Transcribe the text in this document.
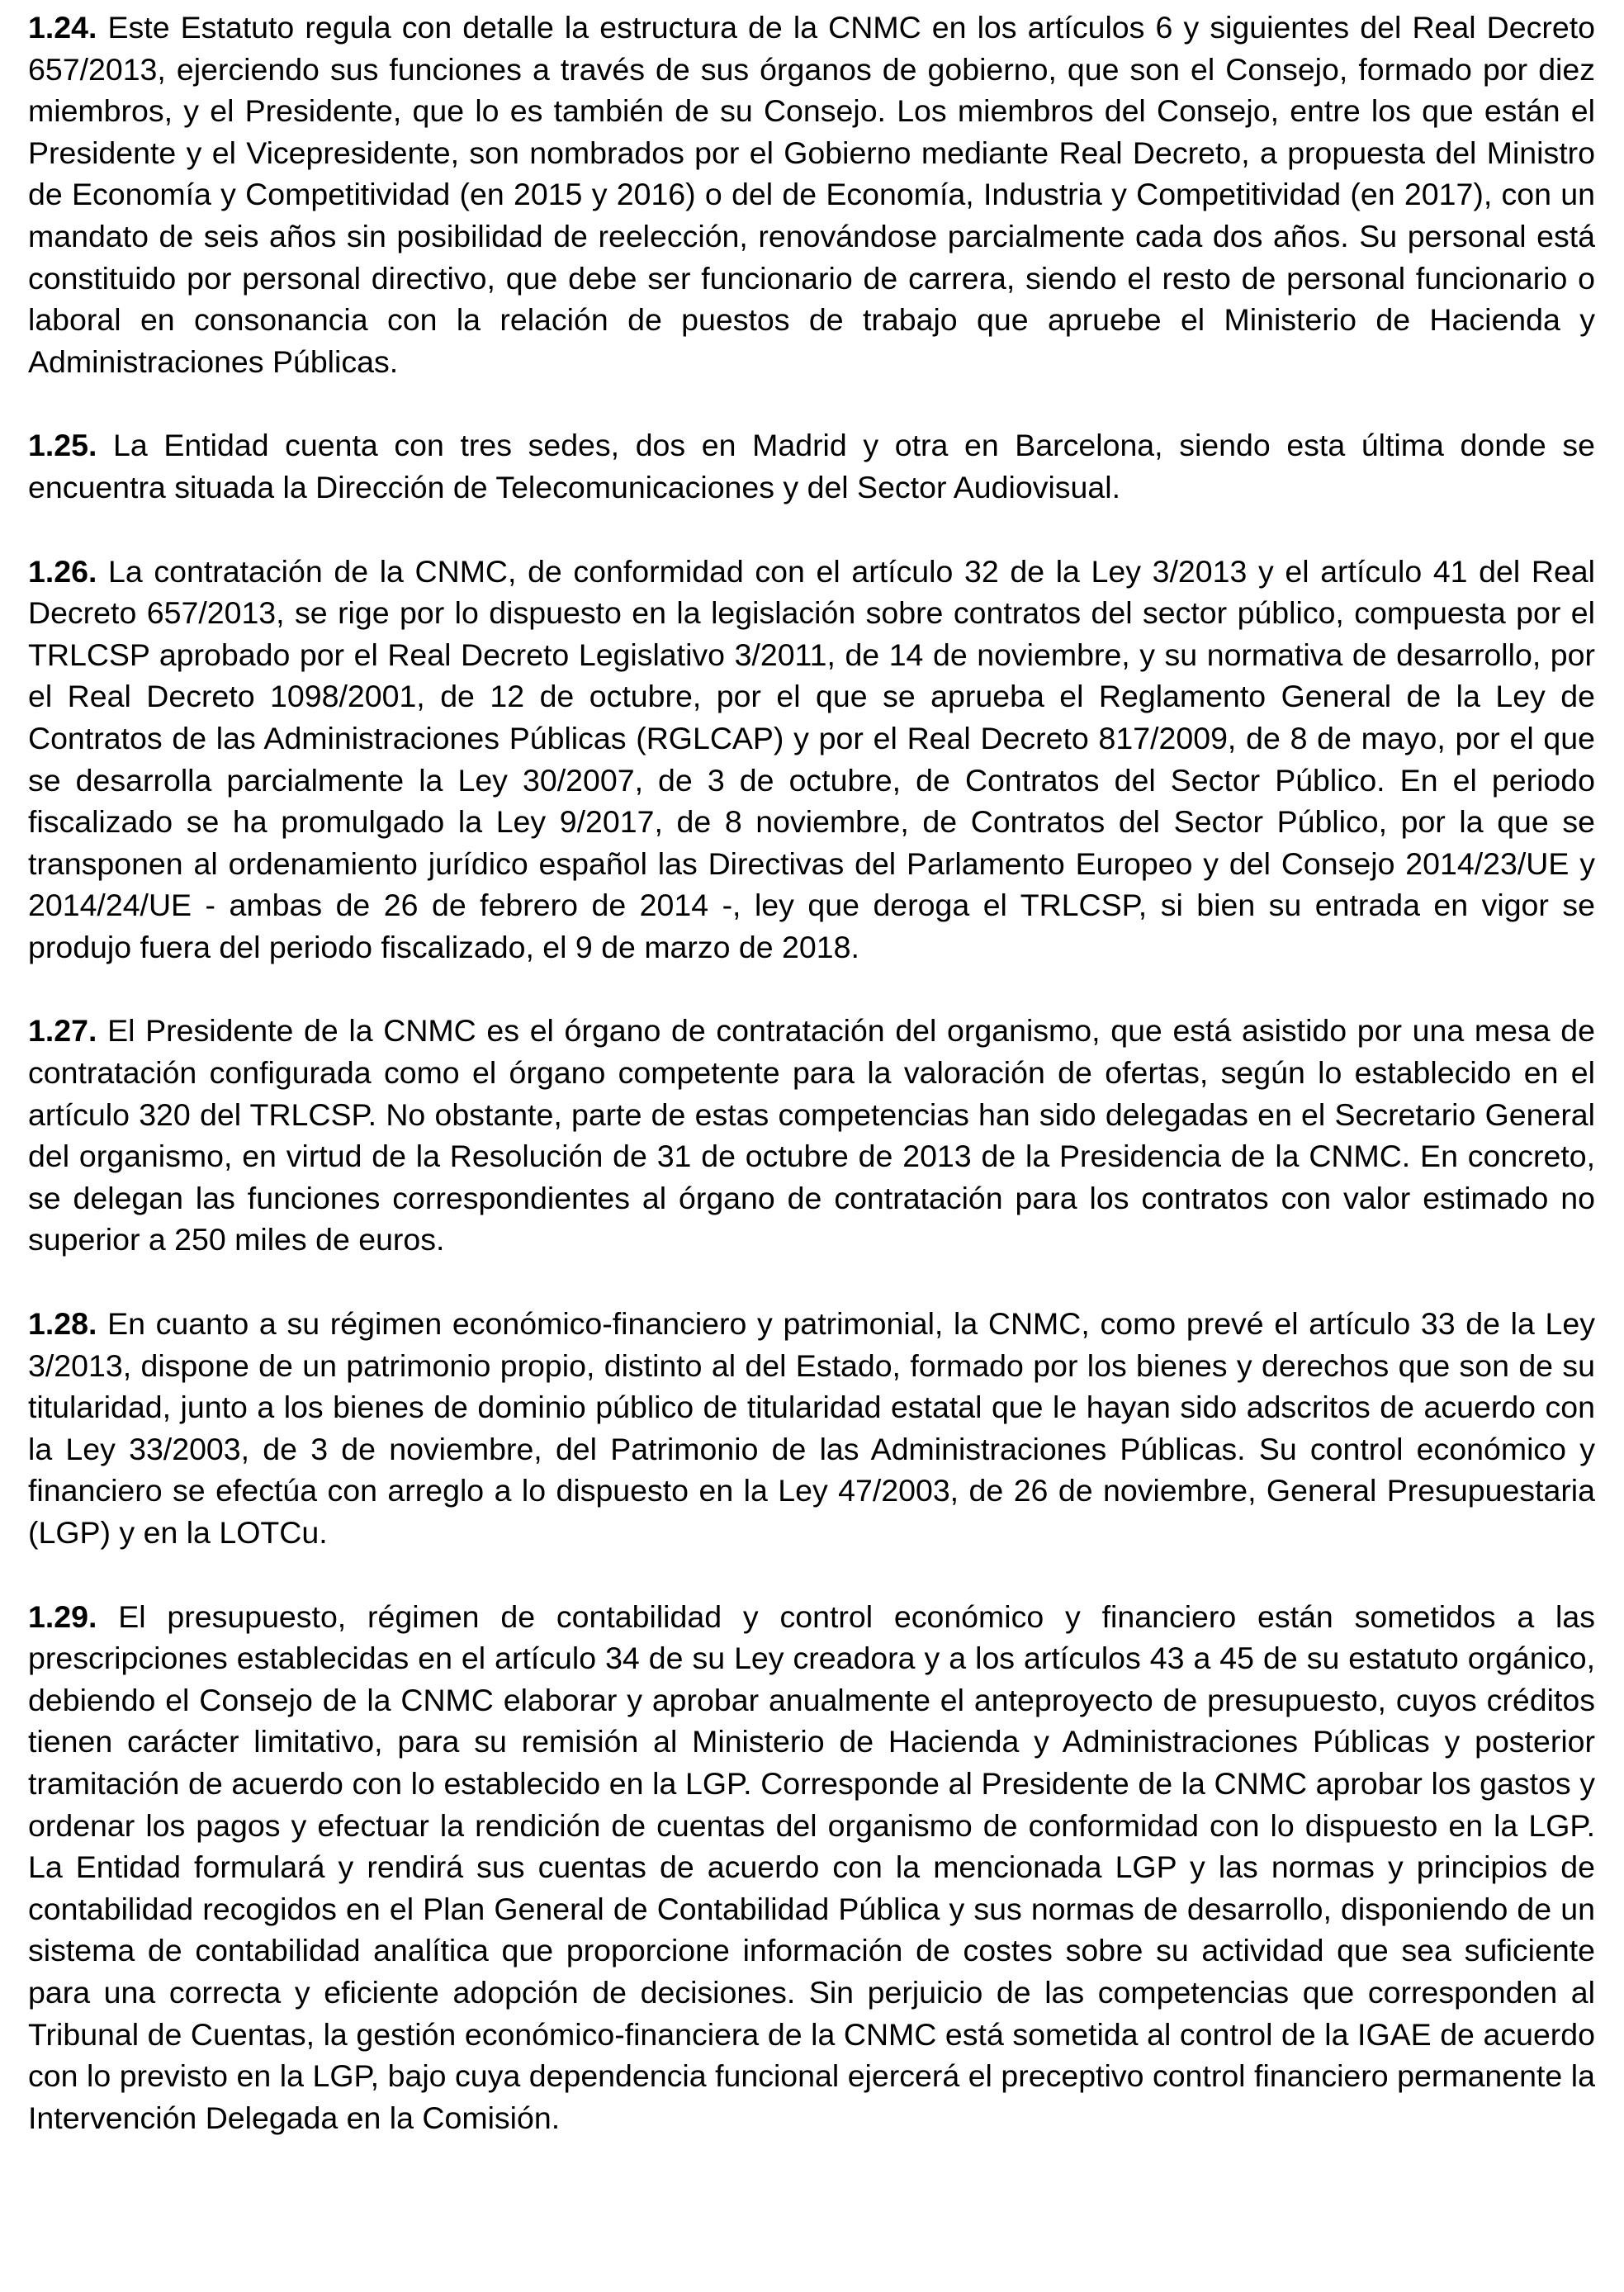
1.24. Este Estatuto regula con detalle la estructura de la CNMC en los artículos 6 y siguientes del Real Decreto 657/2013, ejerciendo sus funciones a través de sus órganos de gobierno, que son el Consejo, formado por diez miembros, y el Presidente, que lo es también de su Consejo. Los miembros del Consejo, entre los que están el Presidente y el Vicepresidente, son nombrados por el Gobierno mediante Real Decreto, a propuesta del Ministro de Economía y Competitividad (en 2015 y 2016) o del de Economía, Industria y Competitividad (en 2017), con un mandato de seis años sin posibilidad de reelección, renovándose parcialmente cada dos años. Su personal está constituido por personal directivo, que debe ser funcionario de carrera, siendo el resto de personal funcionario o laboral en consonancia con la relación de puestos de trabajo que apruebe el Ministerio de Hacienda y Administraciones Públicas.

1.25. La Entidad cuenta con tres sedes, dos en Madrid y otra en Barcelona, siendo esta última donde se encuentra situada la Dirección de Telecomunicaciones y del Sector Audiovisual.

1.26. La contratación de la CNMC, de conformidad con el artículo 32 de la Ley 3/2013 y el artículo 41 del Real Decreto 657/2013, se rige por lo dispuesto en la legislación sobre contratos del sector público, compuesta por el TRLCSP aprobado por el Real Decreto Legislativo 3/2011, de 14 de noviembre, y su normativa de desarrollo, por el Real Decreto 1098/2001, de 12 de octubre, por el que se aprueba el Reglamento General de la Ley de Contratos de las Administraciones Públicas (RGLCAP) y por el Real Decreto 817/2009, de 8 de mayo, por el que se desarrolla parcialmente la Ley 30/2007, de 3 de octubre, de Contratos del Sector Público. En el periodo fiscalizado se ha promulgado la Ley 9/2017, de 8 noviembre, de Contratos del Sector Público, por la que se transponen al ordenamiento jurídico español las Directivas del Parlamento Europeo y del Consejo 2014/23/UE y 2014/24/UE - ambas de 26 de febrero de 2014 -, ley que deroga el TRLCSP, si bien su entrada en vigor se produjo fuera del periodo fiscalizado, el 9 de marzo de 2018.

1.27. El Presidente de la CNMC es el órgano de contratación del organismo, que está asistido por una mesa de contratación configurada como el órgano competente para la valoración de ofertas, según lo establecido en el artículo 320 del TRLCSP. No obstante, parte de estas competencias han sido delegadas en el Secretario General del organismo, en virtud de la Resolución de 31 de octubre de 2013 de la Presidencia de la CNMC. En concreto, se delegan las funciones correspondientes al órgano de contratación para los contratos con valor estimado no superior a 250 miles de euros.

1.28. En cuanto a su régimen económico-financiero y patrimonial, la CNMC, como prevé el artículo 33 de la Ley 3/2013, dispone de un patrimonio propio, distinto al del Estado, formado por los bienes y derechos que son de su titularidad, junto a los bienes de dominio público de titularidad estatal que le hayan sido adscritos de acuerdo con la Ley 33/2003, de 3 de noviembre, del Patrimonio de las Administraciones Públicas. Su control económico y financiero se efectúa con arreglo a lo dispuesto en la Ley 47/2003, de 26 de noviembre, General Presupuestaria (LGP) y en la LOTCu.

1.29. El presupuesto, régimen de contabilidad y control económico y financiero están sometidos a las prescripciones establecidas en el artículo 34 de su Ley creadora y a los artículos 43 a 45 de su estatuto orgánico, debiendo el Consejo de la CNMC elaborar y aprobar anualmente el anteproyecto de presupuesto, cuyos créditos tienen carácter limitativo, para su remisión al Ministerio de Hacienda y Administraciones Públicas y posterior tramitación de acuerdo con lo establecido en la LGP. Corresponde al Presidente de la CNMC aprobar los gastos y ordenar los pagos y efectuar la rendición de cuentas del organismo de conformidad con lo dispuesto en la LGP. La Entidad formulará y rendirá sus cuentas de acuerdo con la mencionada LGP y las normas y principios de contabilidad recogidos en el Plan General de Contabilidad Pública y sus normas de desarrollo, disponiendo de un sistema de contabilidad analítica que proporcione información de costes sobre su actividad que sea suficiente para una correcta y eficiente adopción de decisiones. Sin perjuicio de las competencias que corresponden al Tribunal de Cuentas, la gestión económico-financiera de la CNMC está sometida al control de la IGAE de acuerdo con lo previsto en la LGP, bajo cuya dependencia funcional ejercerá el preceptivo control financiero permanente la Intervención Delegada en la Comisión.
